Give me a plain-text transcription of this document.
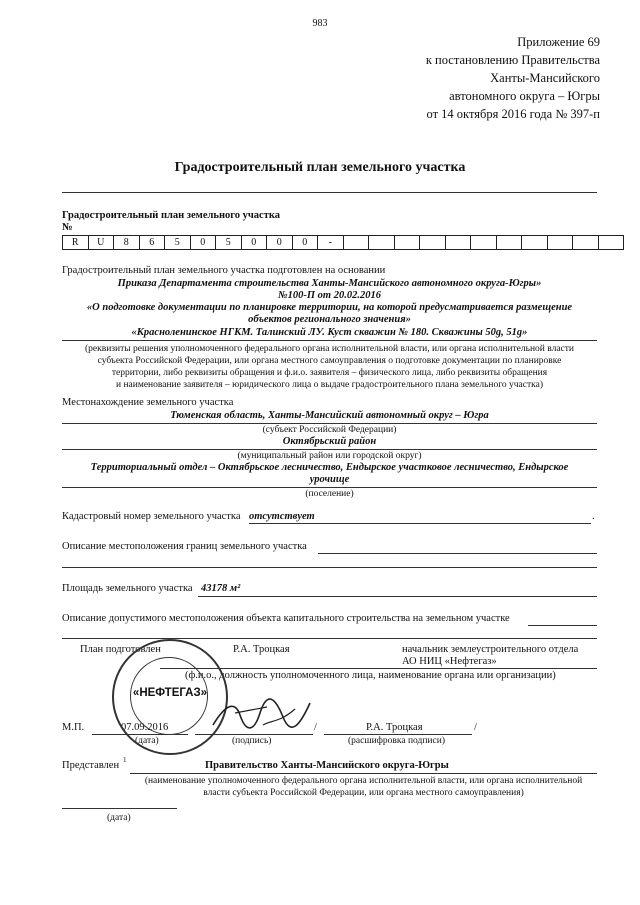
983
Приложение 69
к постановлению Правительства
Ханты-Мансийского
автономного округа – Югры
от 14 октября 2016 года № 397-п
Градостроительный план земельного участка
Градостроительный план земельного участка
№
R	U	8	6	5	0	5	0	0	0	-											
Градостроительный план земельного участка подготовлен на основании
Приказа Департамента строительства Ханты-Мансийского автономного округа-Югры»
№100-П от 20.02.2016
«О подготовке документации по планировке территории, на которой предусматривается размещение
объектов регионального значения»
«Красноленинское НГКМ. Талинский ЛУ. Куст скважин № 180. Скважины 50g, 51g»
(реквизиты решения уполномоченного федерального органа исполнительной власти, или органа исполнительной власти
субъекта Российской Федерации, или органа местного самоуправления о подготовке документации по планировке
территории, либо реквизиты обращения и ф.и.о. заявителя – физического лица, либо реквизиты обращения
и наименование заявителя – юридического лица о выдаче градостроительного плана земельного участка)
Местонахождение земельного участка
Тюменская область, Ханты-Мансийский автономный округ – Югра
(субъект Российской Федерации)
Октябрьский район
(муниципальный район или городской округ)
Территориальный отдел – Октябрьское лесничество, Ендырское участковое лесничество, Ендырское
урочище
(поселение)
Кадастровый номер земельного участка отсутствует	.
Описание местоположения границ земельного участка
Площадь земельного участка 43178 м²
Описание допустимого местоположения объекта капитального строительства на земельном участке
План подготовлен	Р.А. Троцкая	начальник землеустроительного отдела
АО НИЦ «Нефтегаз»
(ф.и.о., должность уполномоченного лица, наименование органа или организации)
М.П.	07.09.2016
(дата)	(подпись)
/	Р.А. Троцкая	/
(расшифровка подписи)
«НЕФТЕГАЗ»
Представлен 1	Правительство Ханты-Мансийского округа-Югры
(наименование уполномоченного федерального органа исполнительной власти, или органа исполнительной
власти субъекта Российской Федерации, или органа местного самоуправления)
(дата)
